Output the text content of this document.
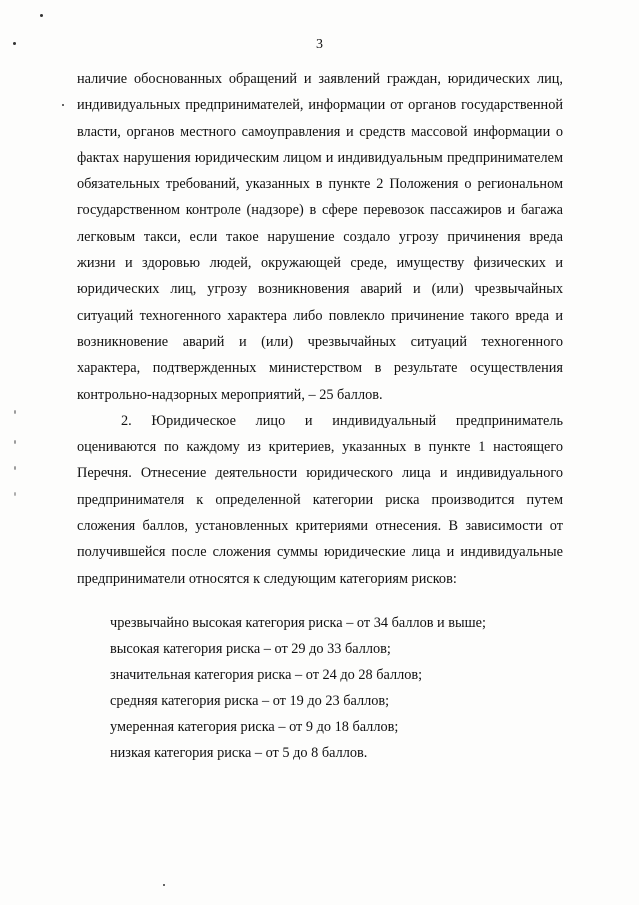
3

наличие обоснованных обращений и заявлений граждан, юридических лиц, индивидуальных предпринимателей, информации от органов государственной власти, органов местного самоуправления и средств массовой информации о фактах нарушения юридическим лицом и индивидуальным предпринимателем обязательных требований, указанных в пункте 2 Положения о региональном государственном контроле (надзоре) в сфере перевозок пассажиров и багажа легковым такси, если такое нарушение создало угрозу причинения вреда жизни и здоровью людей, окружающей среде, имуществу физических и юридических лиц, угрозу возникновения аварий и (или) чрезвычайных ситуаций техногенного характера либо повлекло причинение такого вреда и возникновение аварий и (или) чрезвычайных ситуаций техногенного характера, подтвержденных министерством в результате осуществления контрольно-надзорных мероприятий, – 25 баллов.

2. Юридическое лицо и индивидуальный предприниматель оцениваются по каждому из критериев, указанных в пункте 1 настоящего Перечня. Отнесение деятельности юридического лица и индивидуального предпринимателя к определенной категории риска производится путем сложения баллов, установленных критериями отнесения. В зависимости от получившейся после сложения суммы юридические лица и индивидуальные предприниматели относятся к следующим категориям рисков:

чрезвычайно высокая категория риска – от 34 баллов и выше;
высокая категория риска – от 29 до 33 баллов;
значительная категория риска – от 24 до 28 баллов;
средняя категория риска – от 19 до 23 баллов;
умеренная категория риска – от 9 до 18 баллов;
низкая категория риска – от 5 до 8 баллов.
